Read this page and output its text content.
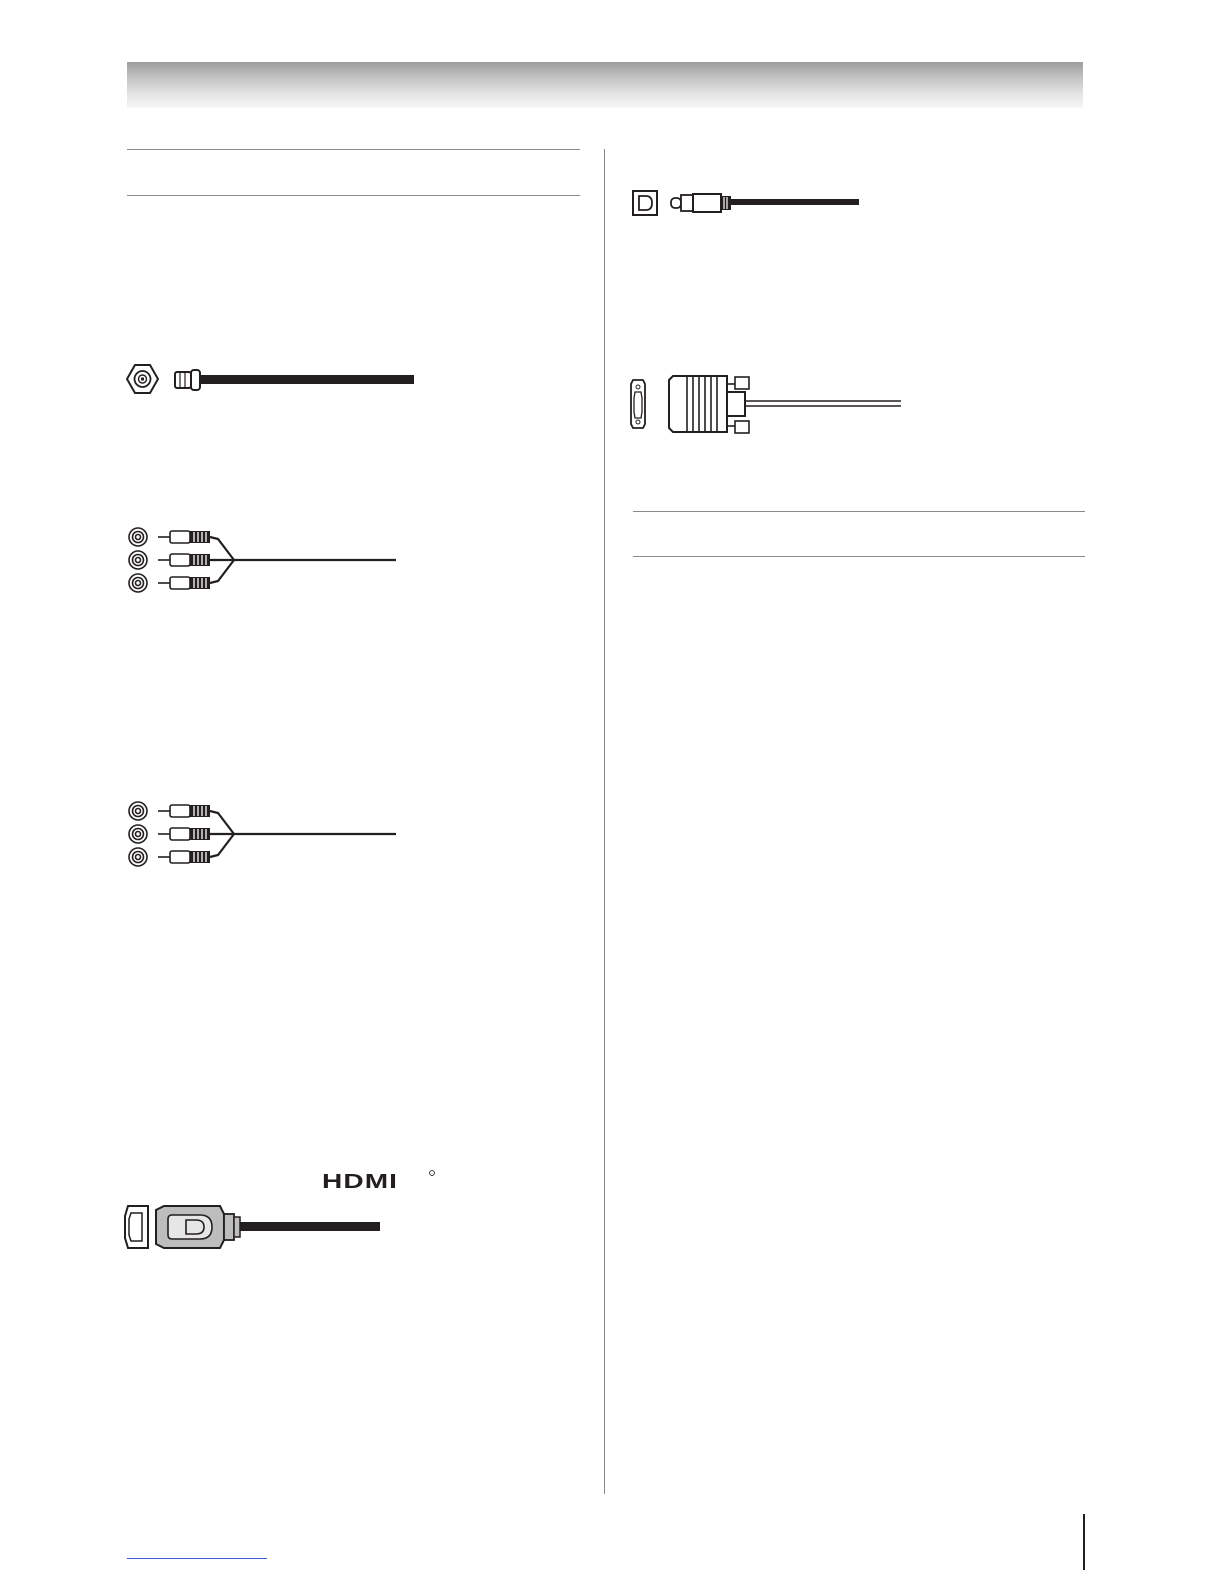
HDMI
